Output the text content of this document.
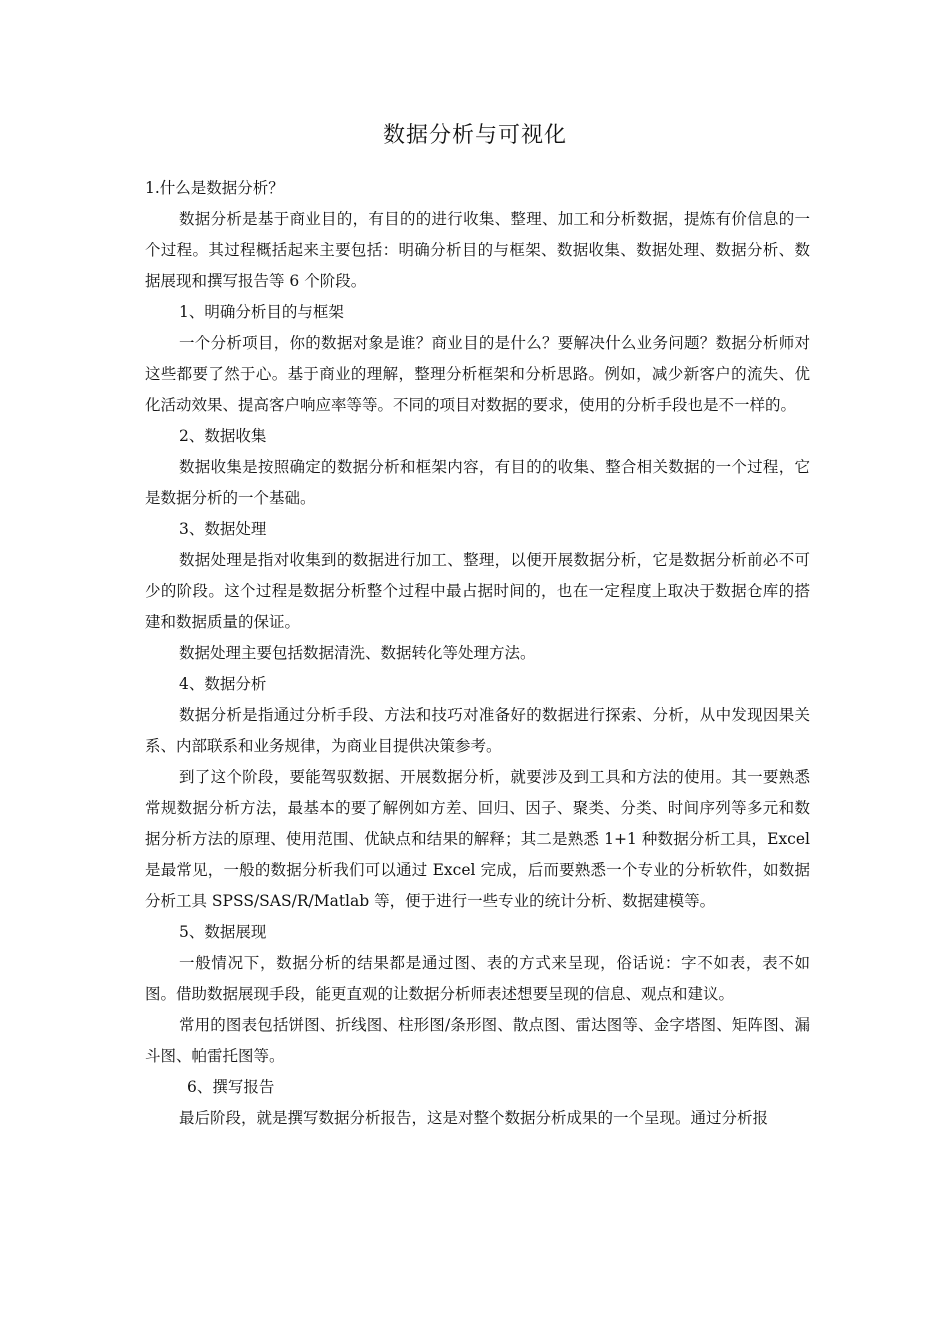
数据分析与可视化

1.什么是数据分析？

数据分析是基于商业目的，有目的的进行收集、整理、加工和分析数据，提炼有价信息的一个过程。其过程概括起来主要包括：明确分析目的与框架、数据收集、数据处理、数据分析、数据展现和撰写报告等 6 个阶段。

1、明确分析目的与框架

一个分析项目，你的数据对象是谁？商业目的是什么？要解决什么业务问题？数据分析师对这些都要了然于心。基于商业的理解，整理分析框架和分析思路。例如，减少新客户的流失、优化活动效果、提高客户响应率等等。不同的项目对数据的要求，使用的分析手段也是不一样的。

2、数据收集

数据收集是按照确定的数据分析和框架内容，有目的的收集、整合相关数据的一个过程，它是数据分析的一个基础。

3、数据处理

数据处理是指对收集到的数据进行加工、整理，以便开展数据分析，它是数据分析前必不可少的阶段。这个过程是数据分析整个过程中最占据时间的，也在一定程度上取决于数据仓库的搭建和数据质量的保证。

数据处理主要包括数据清洗、数据转化等处理方法。

4、数据分析

数据分析是指通过分析手段、方法和技巧对准备好的数据进行探索、分析，从中发现因果关系、内部联系和业务规律，为商业目提供决策参考。

到了这个阶段，要能驾驭数据、开展数据分析，就要涉及到工具和方法的使用。其一要熟悉常规数据分析方法，最基本的要了解例如方差、回归、因子、聚类、分类、时间序列等多元和数据分析方法的原理、使用范围、优缺点和结果的解释；其二是熟悉 1+1 种数据分析工具，Excel 是最常见，一般的数据分析我们可以通过 Excel 完成，后而要熟悉一个专业的分析软件，如数据分析工具 SPSS/SAS/R/Matlab 等，便于进行一些专业的统计分析、数据建模等。

5、数据展现

一般情况下，数据分析的结果都是通过图、表的方式来呈现，俗话说：字不如表，表不如图。借助数据展现手段，能更直观的让数据分析师表述想要呈现的信息、观点和建议。

常用的图表包括饼图、折线图、柱形图/条形图、散点图、雷达图等、金字塔图、矩阵图、漏斗图、帕雷托图等。

6、撰写报告

最后阶段，就是撰写数据分析报告，这是对整个数据分析成果的一个呈现。通过分析报
